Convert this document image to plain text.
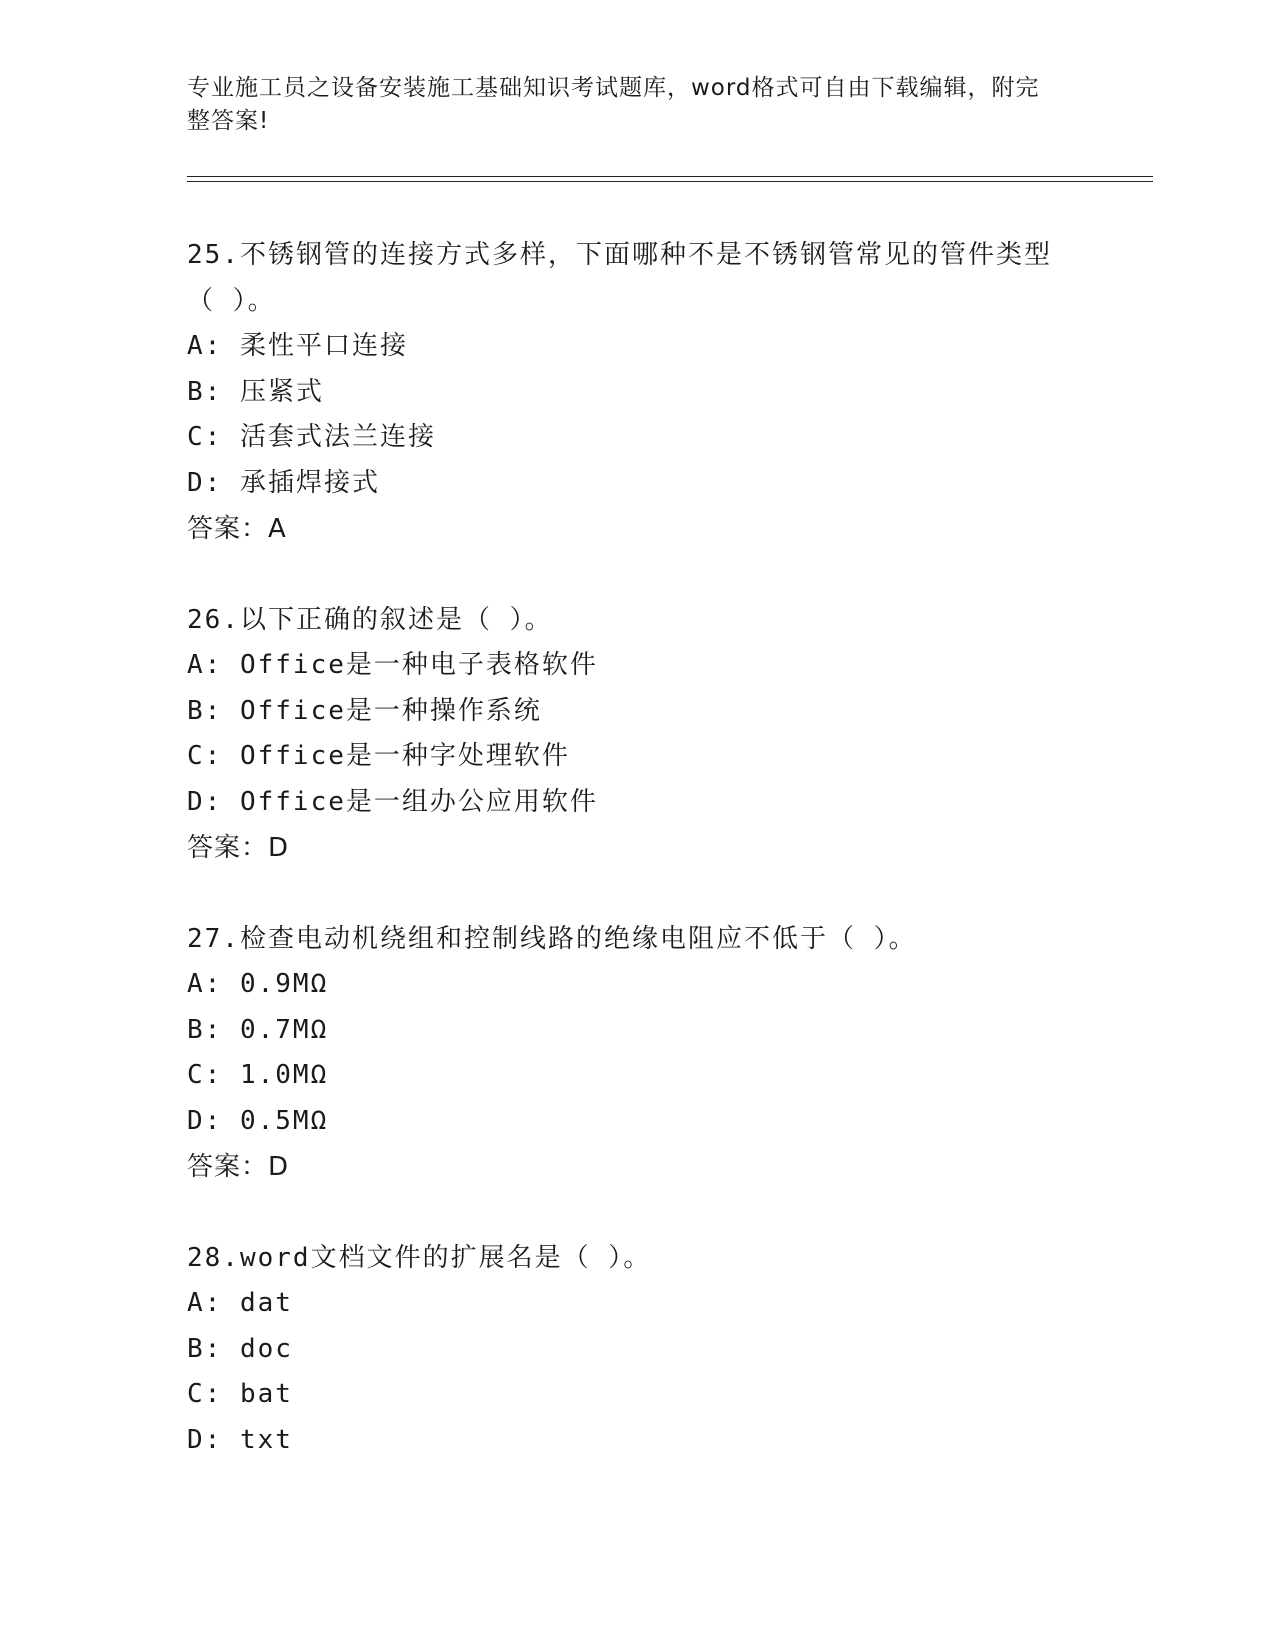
专业施工员之设备安装施工基础知识考试题库，word格式可自由下载编辑，附完
整答案!

25.不锈钢管的连接方式多样，下面哪种不是不锈钢管常见的管件类型

（ ）。

A: 柔性平口连接

B: 压紧式

C: 活套式法兰连接

D: 承插焊接式

答案：A

26.以下正确的叙述是（ ）。

A: Office是一种电子表格软件

B: Office是一种操作系统

C: Office是一种字处理软件

D: Office是一组办公应用软件

答案：D

27.检查电动机绕组和控制线路的绝缘电阻应不低于（ ）。

A: 0.9MΩ

B: 0.7MΩ

C: 1.0MΩ

D: 0.5MΩ

答案：D

28.word文档文件的扩展名是（ ）。

A: dat

B: doc

C: bat

D: txt
